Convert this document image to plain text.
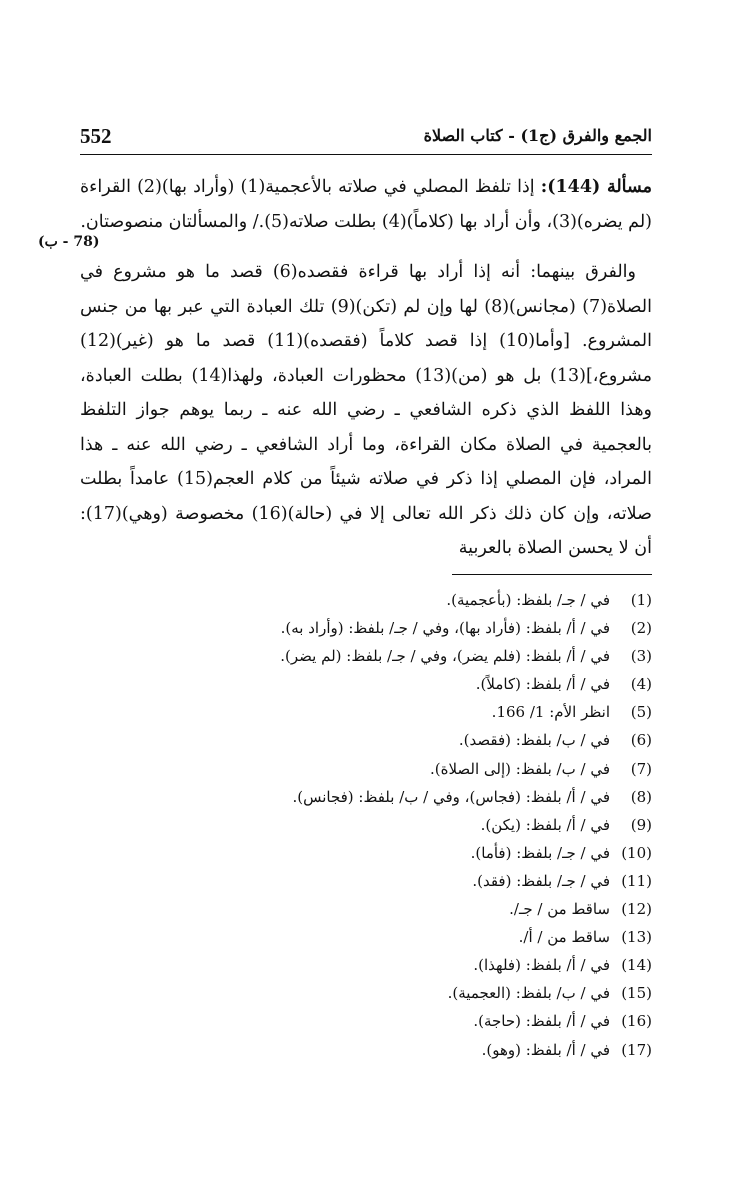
552	الجمع والفرق (ج1) - كتاب الصلاة
(78 - ب)

مسألة (144): إذا تلفظ المصلي في صلاته بالأعجمية(1) (وأراد بها)(2) القراءة (لم يضره)(3)، وأن أراد بها (كلاماً)(4) بطلت صلاته(5)./ والمسألتان منصوصتان.

والفرق بينهما: أنه إذا أراد بها قراءة فقصده(6) قصد ما هو مشروع في الصلاة(7) (مجانس)(8) لها وإن لم (تكن)(9) تلك العبادة التي عبر بها من جنس المشروع. [وأما(10) إذا قصد كلاماً (فقصده)(11) قصد ما هو (غير)(12) مشروع،](13) بل هو (من)(13) محظورات العبادة، ولهذا(14) بطلت العبادة، وهذا اللفظ الذي ذكره الشافعي ـ رضي الله عنه ـ ربما يوهم جواز التلفظ بالعجمية في الصلاة مكان القراءة، وما أراد الشافعي ـ رضي الله عنه ـ هذا المراد، فإن المصلي إذا ذكر في صلاته شيئاً من كلام العجم(15) عامداً بطلت صلاته، وإن كان ذلك ذكر الله تعالى إلا في (حالة)(16) مخصوصة (وهي)(17): أن لا يحسن الصلاة بالعربية

(1)في / جـ/ بلفظ: (بأعجمية).
(2)في / أ/ بلفظ: (فأراد بها)، وفي / جـ/ بلفظ: (وأراد به).
(3)في / أ/ بلفظ: (فلم يضر)، وفي / جـ/ بلفظ: (لم يضر).
(4)في / أ/ بلفظ: (كاملاً).
(5)انظر الأم: 1/ 166.
(6)في / ب/ بلفظ: (فقصد).
(7)في / ب/ بلفظ: (إلى الصلاة).
(8)في / أ/ بلفظ: (فجاس)، وفي / ب/ بلفظ: (فجانس).
(9)في / أ/ بلفظ: (يكن).
(10)في / جـ/ بلفظ: (فأما).
(11)في / جـ/ بلفظ: (فقد).
(12)ساقط من / جـ/.
(13)ساقط من / أ/.
(14)في / أ/ بلفظ: (فلهذا).
(15)في / ب/ بلفظ: (العجمية).
(16)في / أ/ بلفظ: (حاجة).
(17)في / أ/ بلفظ: (وهو).
